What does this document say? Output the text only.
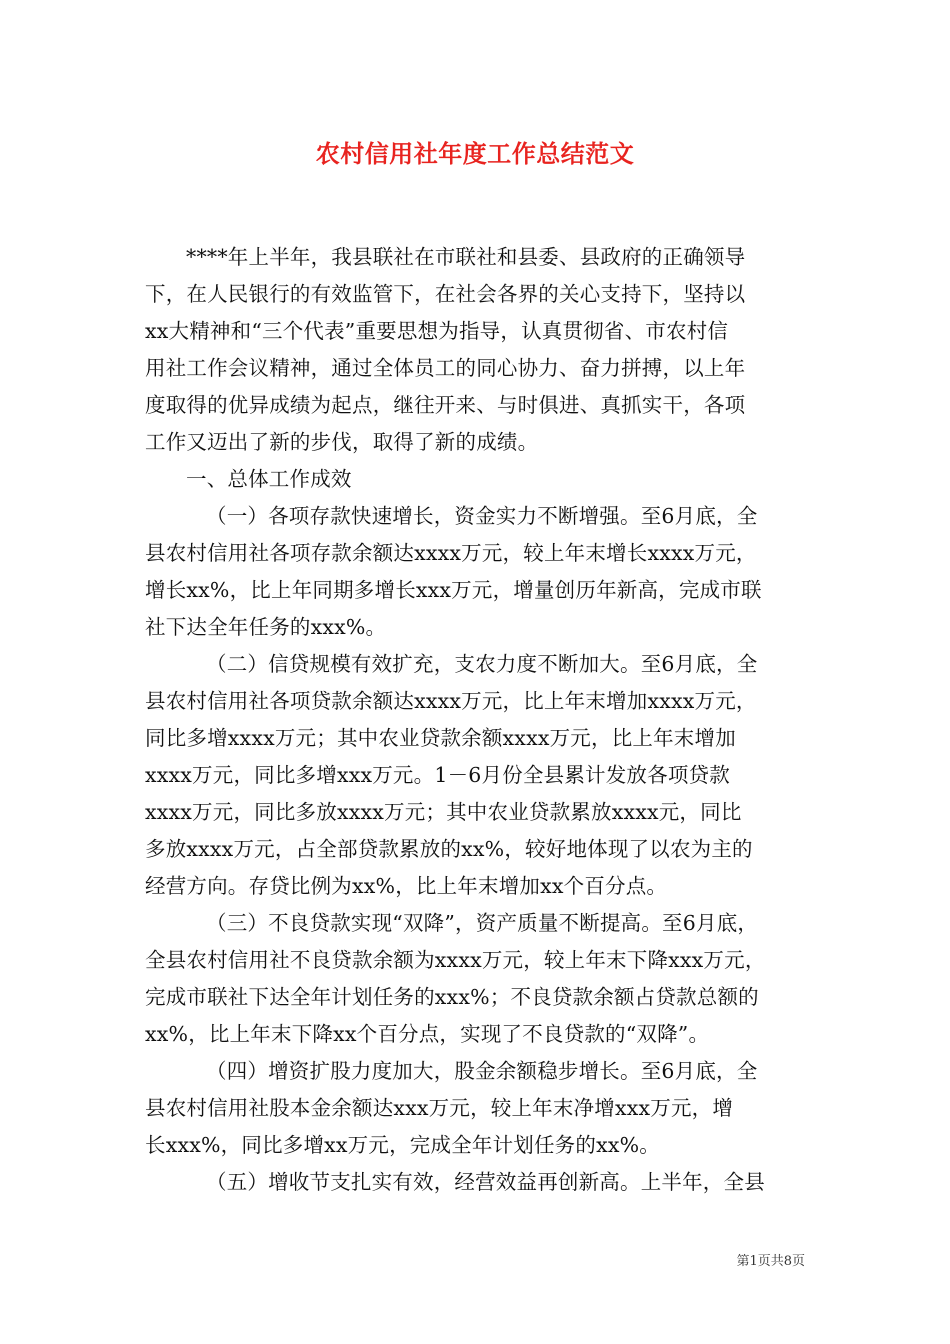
农村信用社年度工作总结范文
****年上半年，我县联社在市联社和县委、县政府的正确领导
下，在人民银行的有效监管下，在社会各界的关心支持下，坚持以
xx大精神和“三个代表”重要思想为指导，认真贯彻省、市农村信
用社工作会议精神，通过全体员工的同心协力、奋力拼搏，以上年
度取得的优异成绩为起点，继往开来、与时俱进、真抓实干，各项
工作又迈出了新的步伐，取得了新的成绩。
一、总体工作成效
（一）各项存款快速增长，资金实力不断增强。至6月底，全
县农村信用社各项存款余额达xxxx万元，较上年末增长xxxx万元，
增长xx%，比上年同期多增长xxx万元，增量创历年新高，完成市联
社下达全年任务的xxx%。
（二）信贷规模有效扩充，支农力度不断加大。至6月底，全
县农村信用社各项贷款余额达xxxx万元，比上年末增加xxxx万元，
同比多增xxxx万元；其中农业贷款余额xxxx万元，比上年末增加
xxxx万元，同比多增xxx万元。1－6月份全县累计发放各项贷款
xxxx万元，同比多放xxxx万元；其中农业贷款累放xxxx元，同比
多放xxxx万元，占全部贷款累放的xx%，较好地体现了以农为主的
经营方向。存贷比例为xx%，比上年末增加xx个百分点。
（三）不良贷款实现“双降”，资产质量不断提高。至6月底，
全县农村信用社不良贷款余额为xxxx万元，较上年末下降xxx万元，
完成市联社下达全年计划任务的xxx%；不良贷款余额占贷款总额的
xx%，比上年末下降xx个百分点，实现了不良贷款的“双降”。
（四）增资扩股力度加大，股金余额稳步增长。至6月底，全
县农村信用社股本金余额达xxx万元，较上年末净增xxx万元，增
长xxx%，同比多增xx万元，完成全年计划任务的xx%。
（五）增收节支扎实有效，经营效益再创新高。上半年，全县
第1页共8页
